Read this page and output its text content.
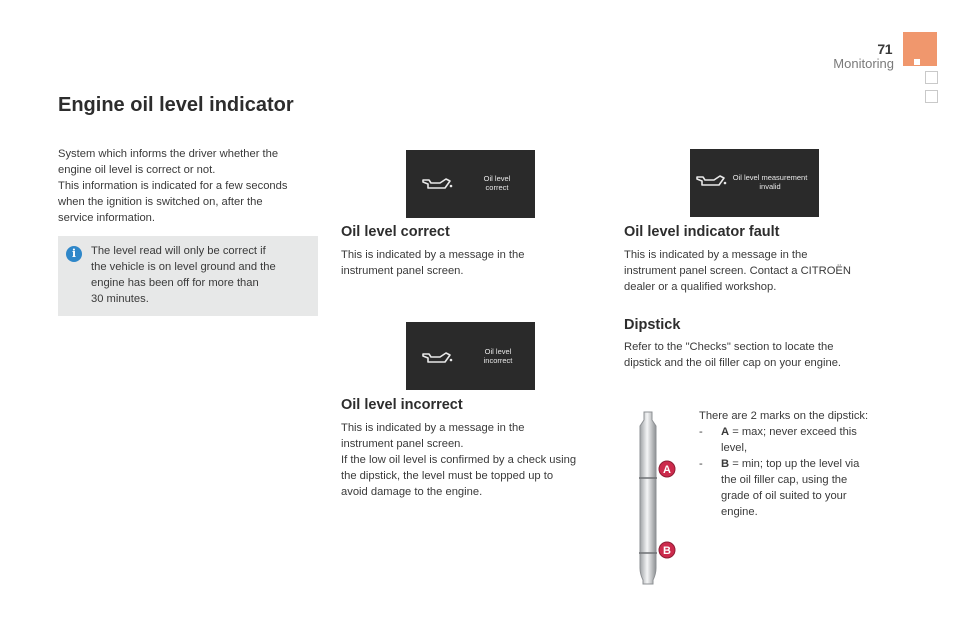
71
Monitoring
Engine oil level indicator
System which informs the driver whether the
engine oil level is correct or not.
This information is indicated for a few seconds
when the ignition is switched on, after the
service information.
i	The level read will only be correct if
the vehicle is on level ground and the
engine has been off for more than
30 minutes.
Oil level
correct
Oil level
incorrect
Oil level measurement
invalid
Oil level correct
This is indicated by a message in the
instrument panel screen.
Oil level incorrect
This is indicated by a message in the
instrument panel screen.
If the low oil level is confirmed by a check using
the dipstick, the level must be topped up to
avoid damage to the engine.
Oil level indicator fault
This is indicated by a message in the
instrument panel screen. Contact a CITROËN
dealer or a qualified workshop.
Dipstick
Refer to the "Checks" section to locate the
dipstick and the oil filler cap on your engine.
A
B
There are 2 marks on the dipstick:
- A = max; never exceed this
level,
- B = min; top up the level via
the oil filler cap, using the
grade of oil suited to your
engine.
